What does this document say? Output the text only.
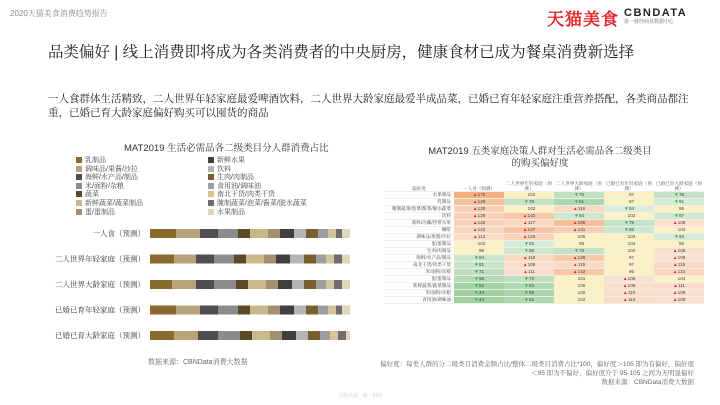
2020天猫美食消费趋势报告	天猫美食 CBNDATA
第一财经商业数据中心
品类偏好 | 线上消费即将成为各类消费者的中央厨房，健康食材已成为餐桌消费新选择
一人食群体生活精致，二人世界年轻家庭最爱啤酒饮料，二人世界大龄家庭最爱半成品菜，已婚已育年轻家庭注重营养搭配，各类商品都注重，已婚已育大龄家庭偏好购买可以囤货的商品
MAT2019 生活必需品各二级类目分人群消费占比
乳制品
调味品/果酱/沙拉
海鲜/水产品/制品
米/面粉/杂粮
蔬菜
新鲜蔬菜/蔬菜制品
蛋/蛋制品
新鲜水果
饮料
生肉/肉制品
食用油/调味油
南北干货/肉类干货
腌制蔬菜/泡菜/酱菜/脱水蔬菜
水果制品
一人食（预测）
二人世界年轻家庭（预测）
二人世界大龄家庭（预测）
已婚已育年轻家庭（预测）
已婚已育大龄家庭（预测）
数据来源：CBNData消费大数据
MAT2019 五类家庭决策人群对生活必需品各二级类目的购买偏好度
偏好度	一人食（预测）	二人世界年轻家庭（预测）	二人世界大龄家庭（预测）	已婚已育年轻家庭（预测）	已婚已育大龄家庭（预测）
水果制品	▲175	102	▼75	97	▼78
乳制品	▲149	▼78	▼61	97	▼91
腌制蔬菜/泡菜/酱菜/脱水蔬菜	▲130	102	▲116	▼94	95
饮料	▲126	▲142	▼84	102	▼87
新鲜/冷藏/热带水果	▲126	▲117	▲155	▼79	▲108
咖啡	▲122	▲147	▲131	▼86	104
调味品/果酱/沙拉	▲113	▲125	105	103	▼93
蛋/蛋制品	102	▼93	98	104	95
生肉/肉制品	98	▼86	▼78	102	▲108
海鲜/水产品/制品	▼84	▲119	▲139	97	▲106
南北干货/肉类干货	▼81	▲109	▲115	97	▲115
米/面粉/杂粮	▼71	▲111	▲142	96	▲121
蛋/蛋制品	▼66	▼73	101	▲106	104
新鲜蔬菜/蔬菜制品	▼52	▼64	105	▲108	▲111
米/面粉/杂粮	▼44	▼56	100	▲110	▲109
食用油/调味油	▼44	▼62	102	▲113	▲109
偏好度：每类人群的分二级类目消费金额占比/整体二级类目消费占比*100，偏好度＞105 即为有偏好，偏好度＜95 即为不偏好，偏好度介于 95-105 之间为无明显偏好
数据来源：CBNData消费大数据
天猫美食 · 第一财经
